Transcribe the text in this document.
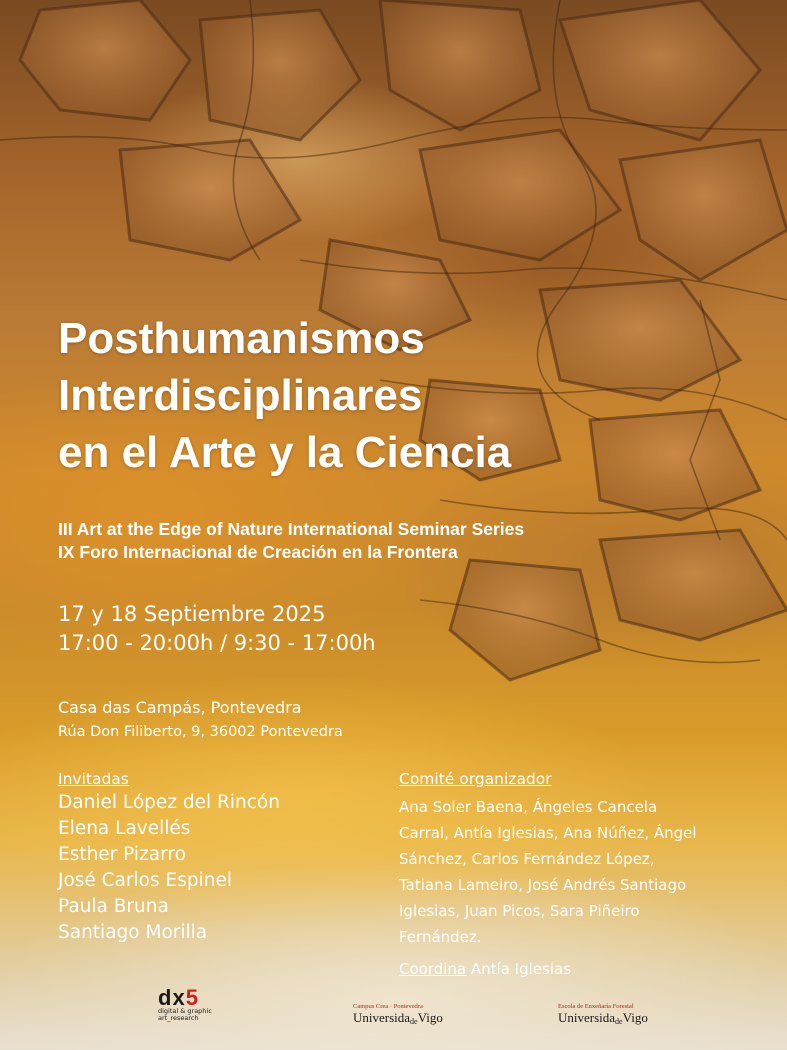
Posthumanismos
Interdisciplinares
en el Arte y la Ciencia
III Art at the Edge of Nature International Seminar Series
IX Foro Internacional de Creación en la Frontera
17 y 18 Septiembre 2025
17:00 - 20:00h / 9:30 - 17:00h
Casa das Campás, Pontevedra
Rúa Don Filiberto, 9, 36002 Pontevedra
Invitadas
Daniel López del Rincón
Elena Lavellés
Esther Pizarro
José Carlos Espinel
Paula Bruna
Santiago Morilla
Comité organizador

Ana Soler Baena, Ángeles Cancela Carral, Antía Iglesias, Ana Núñez, Ángel Sánchez, Carlos Fernández López, Tatiana Lameiro, José Andrés Santiago Iglesias, Juan Picos, Sara Piñeiro Fernández.

Coordina Antía Iglesias
dx5
digital & graphic
art_research
Campus Crea · Pontevedra
UniversidadeVigo
Escola de Enxeñaría Forestal
UniversidadeVigo
